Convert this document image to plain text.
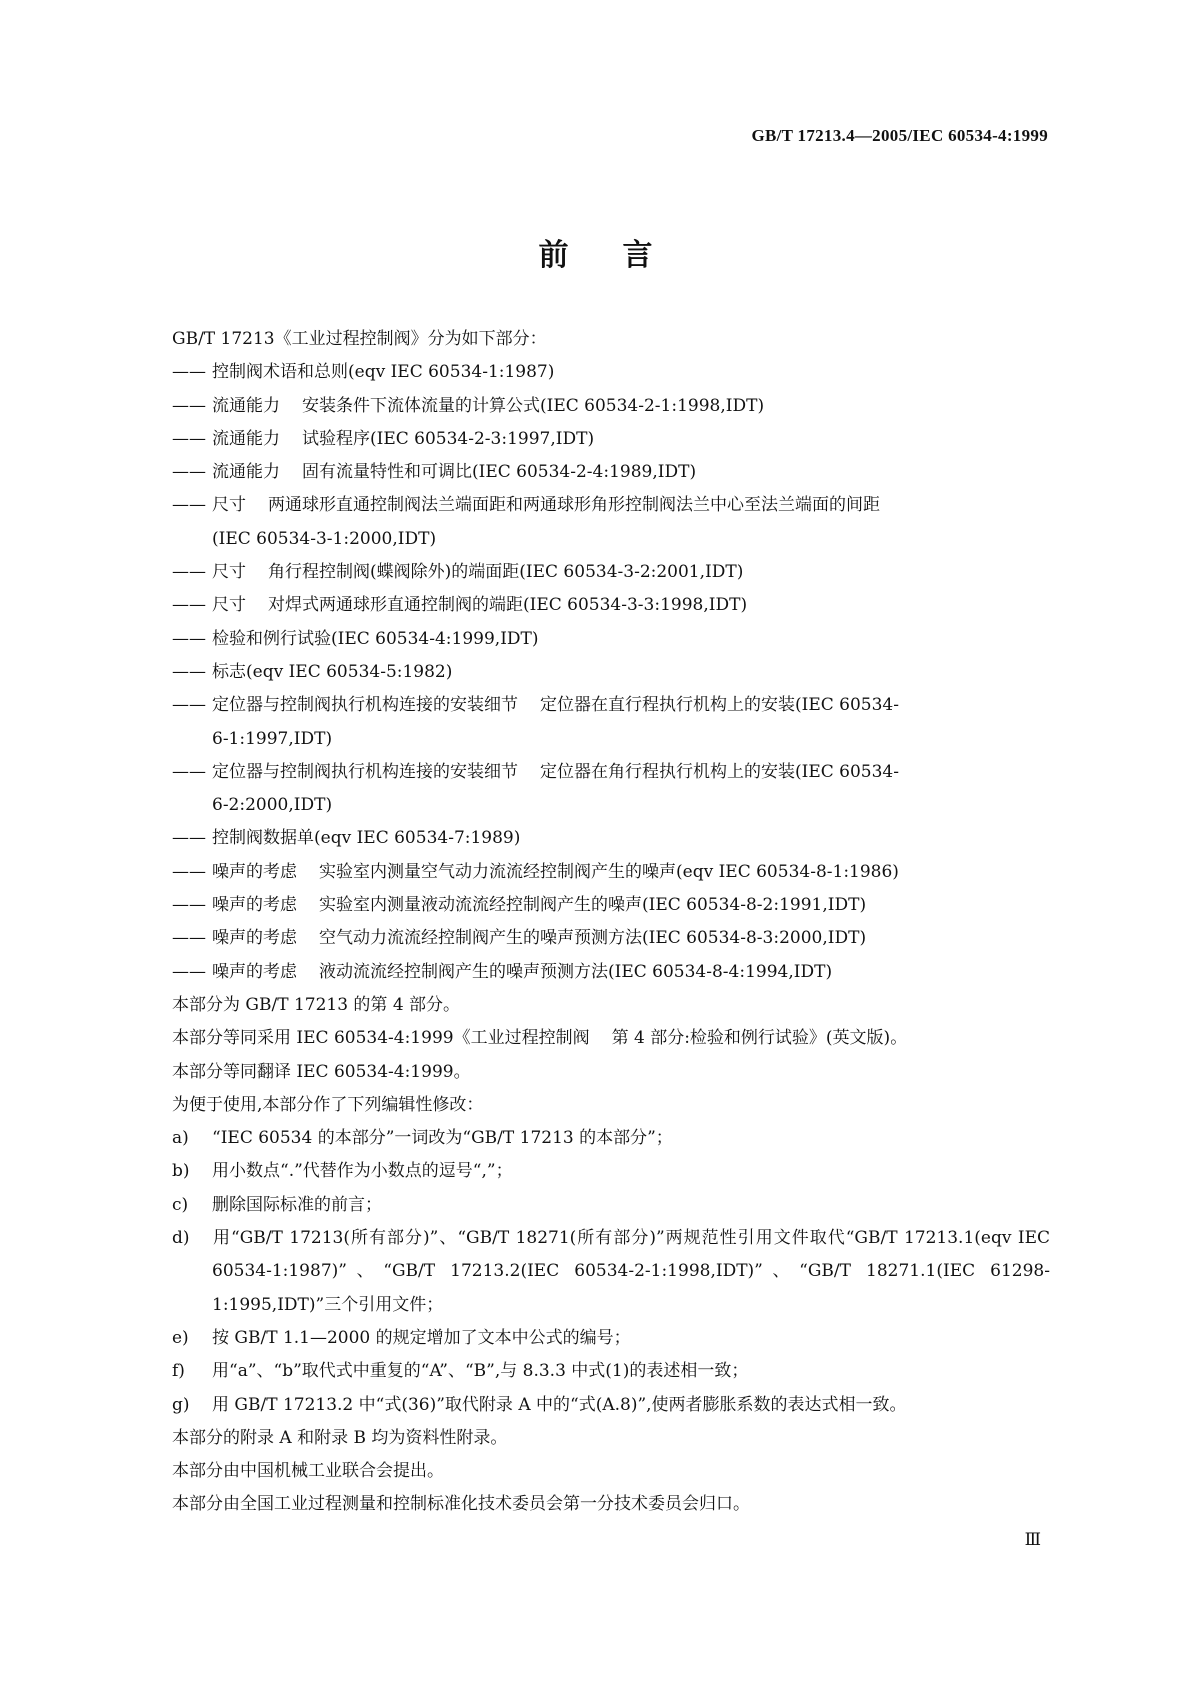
GB/T 17213.4—2005/IEC 60534-4:1999
前言

GB/T 17213《工业过程控制阀》分为如下部分：

—— 控制阀术语和总则(eqv IEC 60534-1:1987)

—— 流通能力 安装条件下流体流量的计算公式(IEC 60534-2-1:1998,IDT)

—— 流通能力 试验程序(IEC 60534-2-3:1997,IDT)

—— 流通能力 固有流量特性和可调比(IEC 60534-2-4:1989,IDT)

—— 尺寸 两通球形直通控制阀法兰端面距和两通球形角形控制阀法兰中心至法兰端面的间距
(IEC 60534-3-1:2000,IDT)

—— 尺寸 角行程控制阀(蝶阀除外)的端面距(IEC 60534-3-2:2001,IDT)

—— 尺寸 对焊式两通球形直通控制阀的端距(IEC 60534-3-3:1998,IDT)

—— 检验和例行试验(IEC 60534-4:1999,IDT)

—— 标志(eqv IEC 60534-5:1982)

—— 定位器与控制阀执行机构连接的安装细节 定位器在直行程执行机构上的安装(IEC 60534-
6-1:1997,IDT)

—— 定位器与控制阀执行机构连接的安装细节 定位器在角行程执行机构上的安装(IEC 60534-
6-2:2000,IDT)

—— 控制阀数据单(eqv IEC 60534-7:1989)

—— 噪声的考虑 实验室内测量空气动力流流经控制阀产生的噪声(eqv IEC 60534-8-1:1986)

—— 噪声的考虑 实验室内测量液动流流经控制阀产生的噪声(IEC 60534-8-2:1991,IDT)

—— 噪声的考虑 空气动力流流经控制阀产生的噪声预测方法(IEC 60534-8-3:2000,IDT)

—— 噪声的考虑 液动流流经控制阀产生的噪声预测方法(IEC 60534-8-4:1994,IDT)

本部分为 GB/T 17213 的第 4 部分。

本部分等同采用 IEC 60534-4:1999《工业过程控制阀 第 4 部分:检验和例行试验》(英文版)。

本部分等同翻译 IEC 60534-4:1999。

为便于使用,本部分作了下列编辑性修改：

a) “IEC 60534 的本部分”一词改为“GB/T 17213 的本部分”；

b) 用小数点“.”代替作为小数点的逗号“,”；

c) 删除国际标准的前言；

d) 用“GB/T 17213(所有部分)”、“GB/T 18271(所有部分)”两规范性引用文件取代“GB/T 17213.1(eqv IEC 60534-1:1987)”、“GB/T 17213.2(IEC 60534-2-1:1998,IDT)”、“GB/T 18271.1(IEC 61298-1:1995,IDT)”三个引用文件；

e) 按 GB/T 1.1—2000 的规定增加了文本中公式的编号；

f) 用“a”、“b”取代式中重复的“A”、“B”,与 8.3.3 中式(1)的表述相一致；

g) 用 GB/T 17213.2 中“式(36)”取代附录 A 中的“式(A.8)”,使两者膨胀系数的表达式相一致。

本部分的附录 A 和附录 B 均为资料性附录。

本部分由中国机械工业联合会提出。

本部分由全国工业过程测量和控制标准化技术委员会第一分技术委员会归口。

Ⅲ
